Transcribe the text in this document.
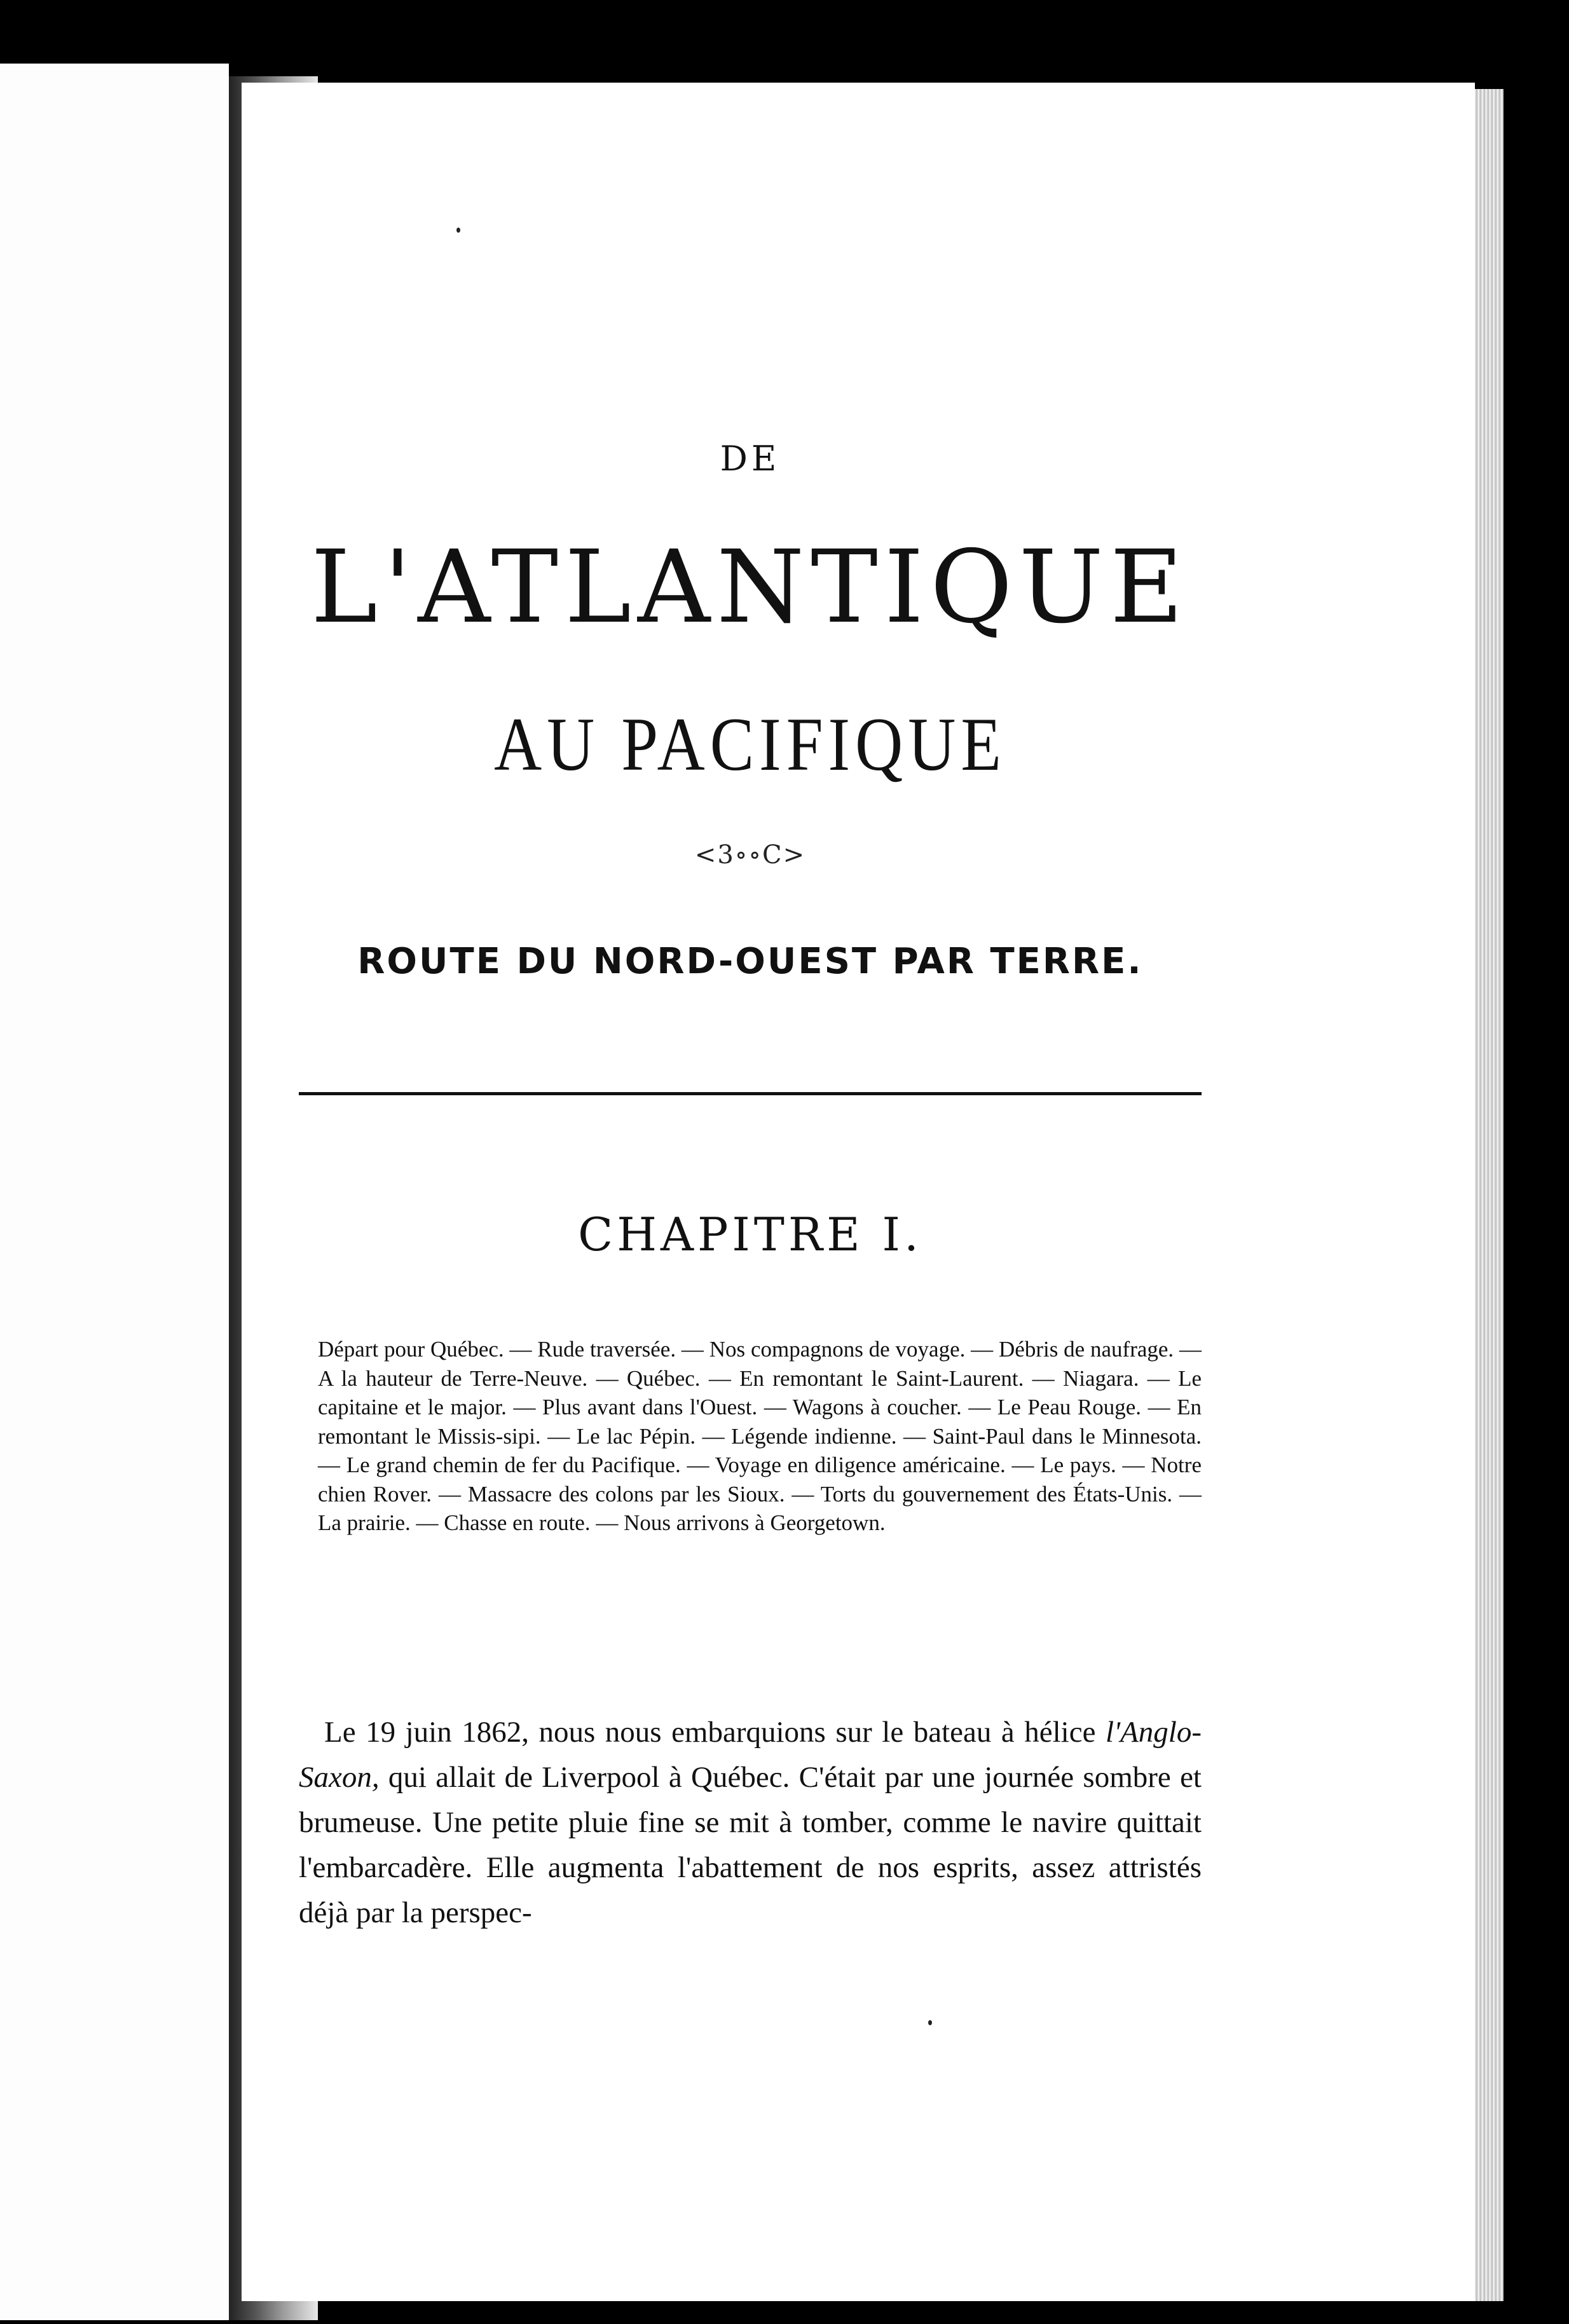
DE
L'ATLANTIQUE
AU PACIFIQUE
<3∘∘C>
ROUTE DU NORD-OUEST PAR TERRE.
CHAPITRE I.
Départ pour Québec. — Rude traversée. — Nos compagnons de voyage. — Débris de naufrage. — A la hauteur de Terre-Neuve. — Québec. — En remontant le Saint-Laurent. — Niagara. — Le capitaine et le major. — Plus avant dans l'Ouest. — Wagons à coucher. — Le Peau Rouge. — En remontant le Missis-sipi. — Le lac Pépin. — Légende indienne. — Saint-Paul dans le Minnesota. — Le grand chemin de fer du Pacifique. — Voyage en diligence américaine. — Le pays. — Notre chien Rover. — Massacre des colons par les Sioux. — Torts du gouvernement des États-Unis. — La prairie. — Chasse en route. — Nous arrivons à Georgetown.

Le 19 juin 1862, nous nous embarquions sur le bateau à hélice l'Anglo-Saxon, qui allait de Liverpool à Québec. C'était par une journée sombre et brumeuse. Une petite pluie fine se mit à tomber, comme le navire quittait l'embarcadère. Elle augmenta l'abattement de nos esprits, assez attristés déjà par la perspec-
